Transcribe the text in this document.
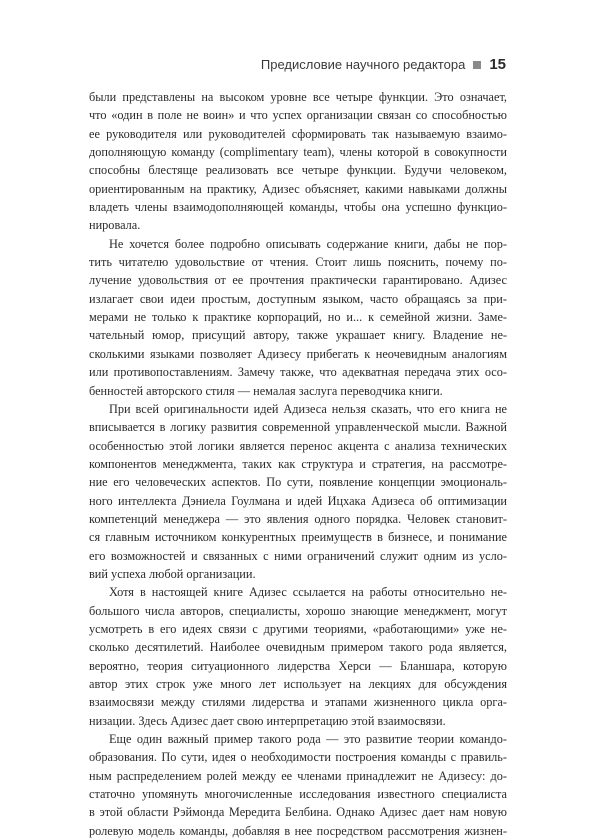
Предисловие научного редактора 15
были представлены на высоком уровне все четыре функции. Это означает,
что «один в поле не воин» и что успех организации связан со способностью
ее руководителя или руководителей сформировать так называемую взаимо-
дополняющую команду (complimentary team), члены которой в совокупности
способны блестяще реализовать все четыре функции. Будучи человеком,
ориентированным на практику, Адизес объясняет, какими навыками должны
владеть члены взаимодополняющей команды, чтобы она успешно функцио-
нировала.
Не хочется более подробно описывать содержание книги, дабы не пор-
тить читателю удовольствие от чтения. Стоит лишь пояснить, почему по-
лучение удовольствия от ее прочтения практически гарантировано. Адизес
излагает свои идеи простым, доступным языком, часто обращаясь за при-
мерами не только к практике корпораций, но и... к семейной жизни. Заме-
чательный юмор, присущий автору, также украшает книгу. Владение не-
сколькими языками позволяет Адизесу прибегать к неочевидным аналогиям
или противопоставлениям. Замечу также, что адекватная передача этих осо-
бенностей авторского стиля — немалая заслуга переводчика книги.
При всей оригинальности идей Адизеса нельзя сказать, что его книга не
вписывается в логику развития современной управленческой мысли. Важной
особенностью этой логики является перенос акцента с анализа технических
компонентов менеджмента, таких как структура и стратегия, на рассмотре-
ние его человеческих аспектов. По сути, появление концепции эмоциональ-
ного интеллекта Дэниела Гоулмана и идей Ицхака Адизеса об оптимизации
компетенций менеджера — это явления одного порядка. Человек становит-
ся главным источником конкурентных преимуществ в бизнесе, и понимание
его возможностей и связанных с ними ограничений служит одним из усло-
вий успеха любой организации.
Хотя в настоящей книге Адизес ссылается на работы относительно не-
большого числа авторов, специалисты, хорошо знающие менеджмент, могут
усмотреть в его идеях связи с другими теориями, «работающими» уже не-
сколько десятилетий. Наиболее очевидным примером такого рода является,
вероятно, теория ситуационного лидерства Херси — Бланшара, которую
автор этих строк уже много лет использует на лекциях для обсуждения
взаимосвязи между стилями лидерства и этапами жизненного цикла орга-
низации. Здесь Адизес дает свою интерпретацию этой взаимосвязи.
Еще один важный пример такого рода — это развитие теории командо-
образования. По сути, идея о необходимости построения команды с правиль-
ным распределением ролей между ее членами принадлежит не Адизесу: до-
статочно упомянуть многочисленные исследования известного специалиста
в этой области Рэймонда Мередита Белбина. Однако Адизес дает нам новую
ролевую модель команды, добавляя в нее посредством рассмотрения жизнен-
